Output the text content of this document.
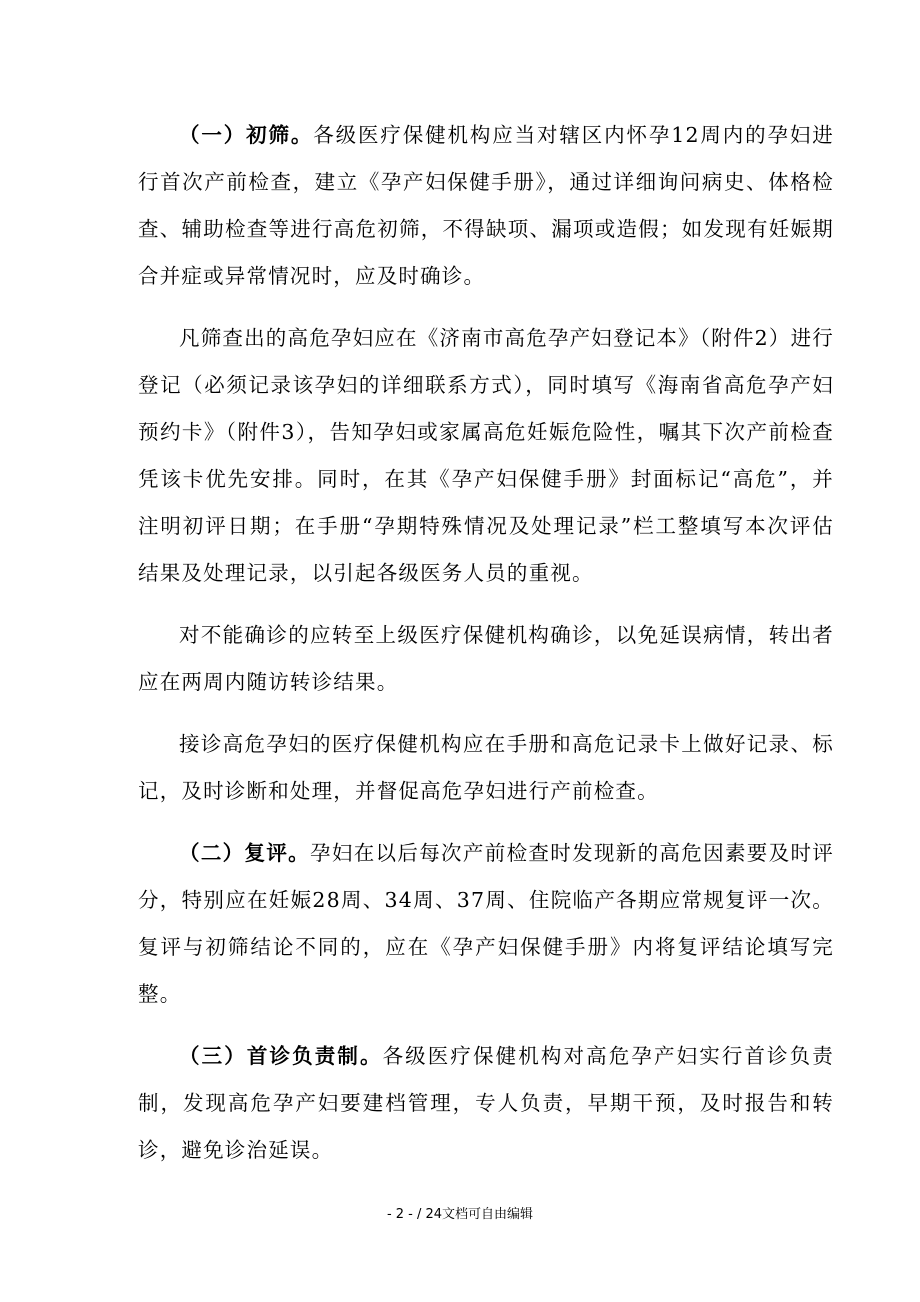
（一）初筛。各级医疗保健机构应当对辖区内怀孕12周内的孕妇进行首次产前检查，建立《孕产妇保健手册》，通过详细询问病史、体格检查、辅助检查等进行高危初筛，不得缺项、漏项或造假；如发现有妊娠期合并症或异常情况时，应及时确诊。

凡筛查出的高危孕妇应在《济南市高危孕产妇登记本》（附件2）进行登记（必须记录该孕妇的详细联系方式），同时填写《海南省高危孕产妇预约卡》（附件3），告知孕妇或家属高危妊娠危险性，嘱其下次产前检查凭该卡优先安排。同时，在其《孕产妇保健手册》封面标记“高危”，并注明初评日期；在手册“孕期特殊情况及处理记录”栏工整填写本次评估结果及处理记录，以引起各级医务人员的重视。

对不能确诊的应转至上级医疗保健机构确诊，以免延误病情，转出者应在两周内随访转诊结果。

接诊高危孕妇的医疗保健机构应在手册和高危记录卡上做好记录、标记，及时诊断和处理，并督促高危孕妇进行产前检查。

（二）复评。孕妇在以后每次产前检查时发现新的高危因素要及时评分，特别应在妊娠28周、34周、37周、住院临产各期应常规复评一次。复评与初筛结论不同的，应在《孕产妇保健手册》内将复评结论填写完整。

（三）首诊负责制。各级医疗保健机构对高危孕产妇实行首诊负责制，发现高危孕产妇要建档管理，专人负责，早期干预，及时报告和转诊，避免诊治延误。

- 2 - / 24文档可自由编辑
